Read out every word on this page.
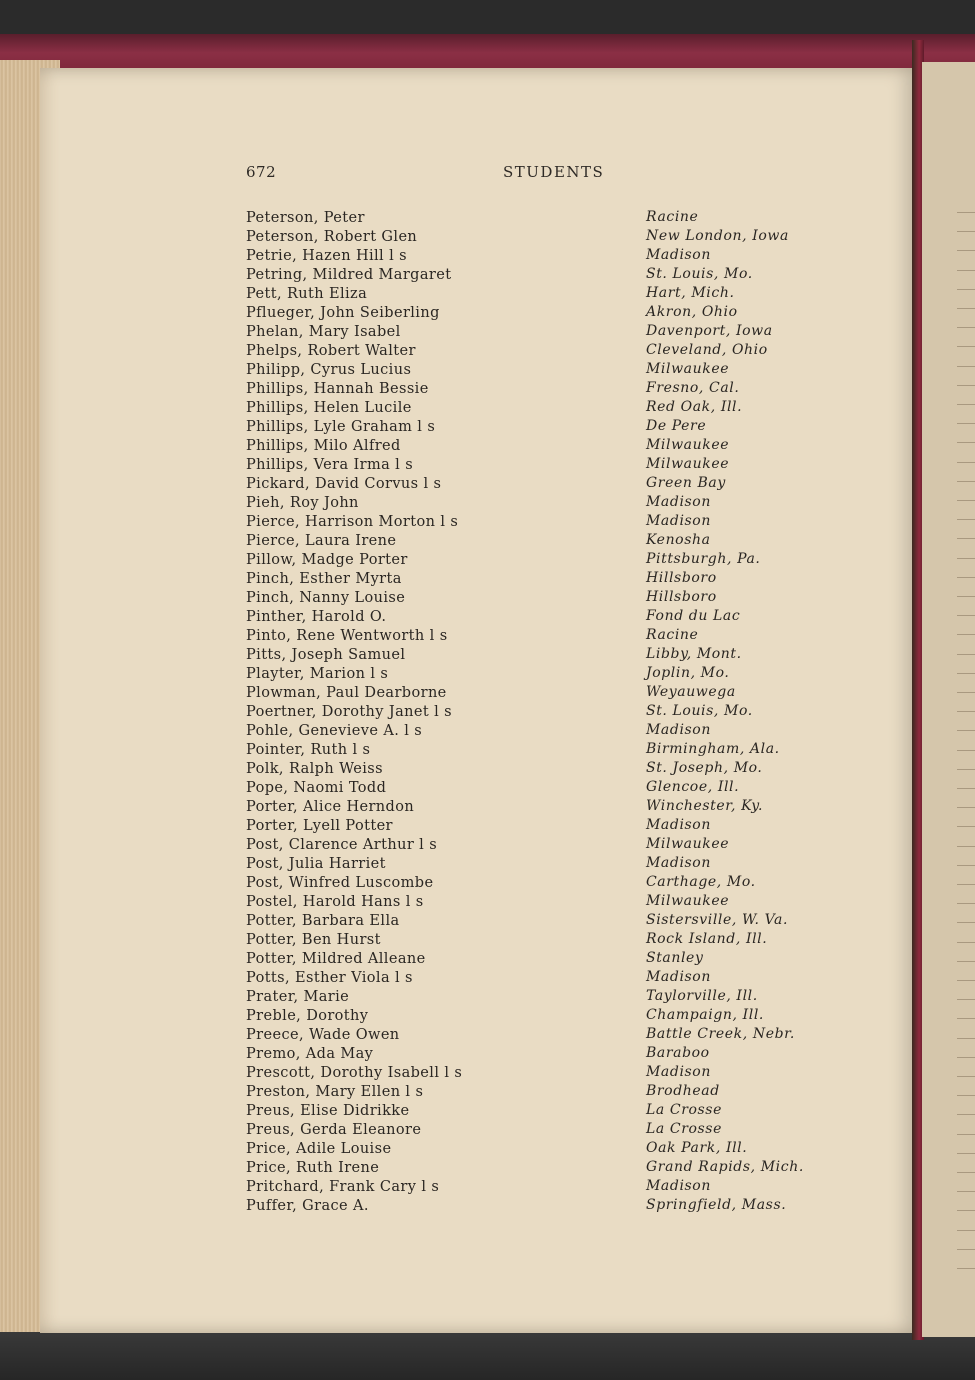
672	STUDENTS
Peterson, Peter	Racine
Peterson, Robert Glen	New London, Iowa
Petrie, Hazen Hill l s	Madison
Petring, Mildred Margaret	St. Louis, Mo.
Pett, Ruth Eliza	Hart, Mich.
Pflueger, John Seiberling	Akron, Ohio
Phelan, Mary Isabel	Davenport, Iowa
Phelps, Robert Walter	Cleveland, Ohio
Philipp, Cyrus Lucius	Milwaukee
Phillips, Hannah Bessie	Fresno, Cal.
Phillips, Helen Lucile	Red Oak, Ill.
Phillips, Lyle Graham l s	De Pere
Phillips, Milo Alfred	Milwaukee
Phillips, Vera Irma l s	Milwaukee
Pickard, David Corvus l s	Green Bay
Pieh, Roy John	Madison
Pierce, Harrison Morton l s	Madison
Pierce, Laura Irene	Kenosha
Pillow, Madge Porter	Pittsburgh, Pa.
Pinch, Esther Myrta	Hillsboro
Pinch, Nanny Louise	Hillsboro
Pinther, Harold O.	Fond du Lac
Pinto, Rene Wentworth l s	Racine
Pitts, Joseph Samuel	Libby, Mont.
Playter, Marion l s	Joplin, Mo.
Plowman, Paul Dearborne	Weyauwega
Poertner, Dorothy Janet l s	St. Louis, Mo.
Pohle, Genevieve A. l s	Madison
Pointer, Ruth l s	Birmingham, Ala.
Polk, Ralph Weiss	St. Joseph, Mo.
Pope, Naomi Todd	Glencoe, Ill.
Porter, Alice Herndon	Winchester, Ky.
Porter, Lyell Potter	Madison
Post, Clarence Arthur l s	Milwaukee
Post, Julia Harriet	Madison
Post, Winfred Luscombe	Carthage, Mo.
Postel, Harold Hans l s	Milwaukee
Potter, Barbara Ella	Sistersville, W. Va.
Potter, Ben Hurst	Rock Island, Ill.
Potter, Mildred Alleane	Stanley
Potts, Esther Viola l s	Madison
Prater, Marie	Taylorville, Ill.
Preble, Dorothy	Champaign, Ill.
Preece, Wade Owen	Battle Creek, Nebr.
Premo, Ada May	Baraboo
Prescott, Dorothy Isabell l s	Madison
Preston, Mary Ellen l s	Brodhead
Preus, Elise Didrikke	La Crosse
Preus, Gerda Eleanore	La Crosse
Price, Adile Louise	Oak Park, Ill.
Price, Ruth Irene	Grand Rapids, Mich.
Pritchard, Frank Cary l s	Madison
Puffer, Grace A.	Springfield, Mass.
